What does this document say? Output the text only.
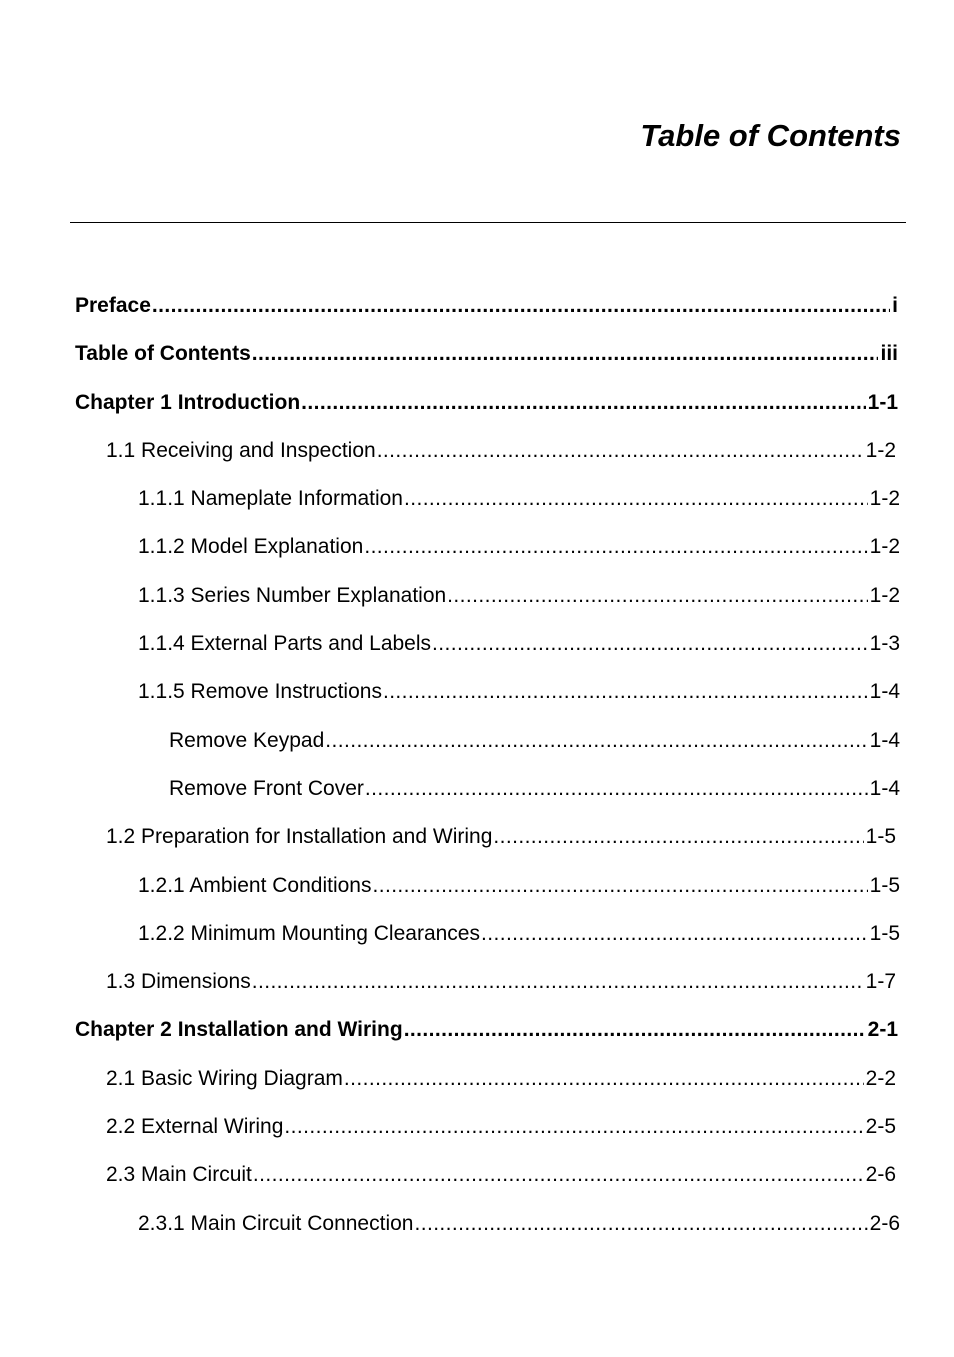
Table of Contents
Preface .....	i
Table of Contents .....	iii
Chapter 1 Introduction .....	1-1
1.1 Receiving and Inspection .....	1-2
1.1.1 Nameplate Information .....	1-2
1.1.2 Model Explanation .....	1-2
1.1.3 Series Number Explanation .....	1-2
1.1.4 External Parts and Labels .....	1-3
1.1.5 Remove Instructions .....	1-4
Remove Keypad .....	1-4
Remove Front Cover .....	1-4
1.2 Preparation for Installation and Wiring .....	1-5
1.2.1 Ambient Conditions .....	1-5
1.2.2 Minimum Mounting Clearances .....	1-5
1.3 Dimensions .....	1-7
Chapter 2 Installation and Wiring .....	2-1
2.1 Basic Wiring Diagram .....	2-2
2.2 External Wiring .....	2-5
2.3 Main Circuit .....	2-6
2.3.1 Main Circuit Connection .....	2-6
